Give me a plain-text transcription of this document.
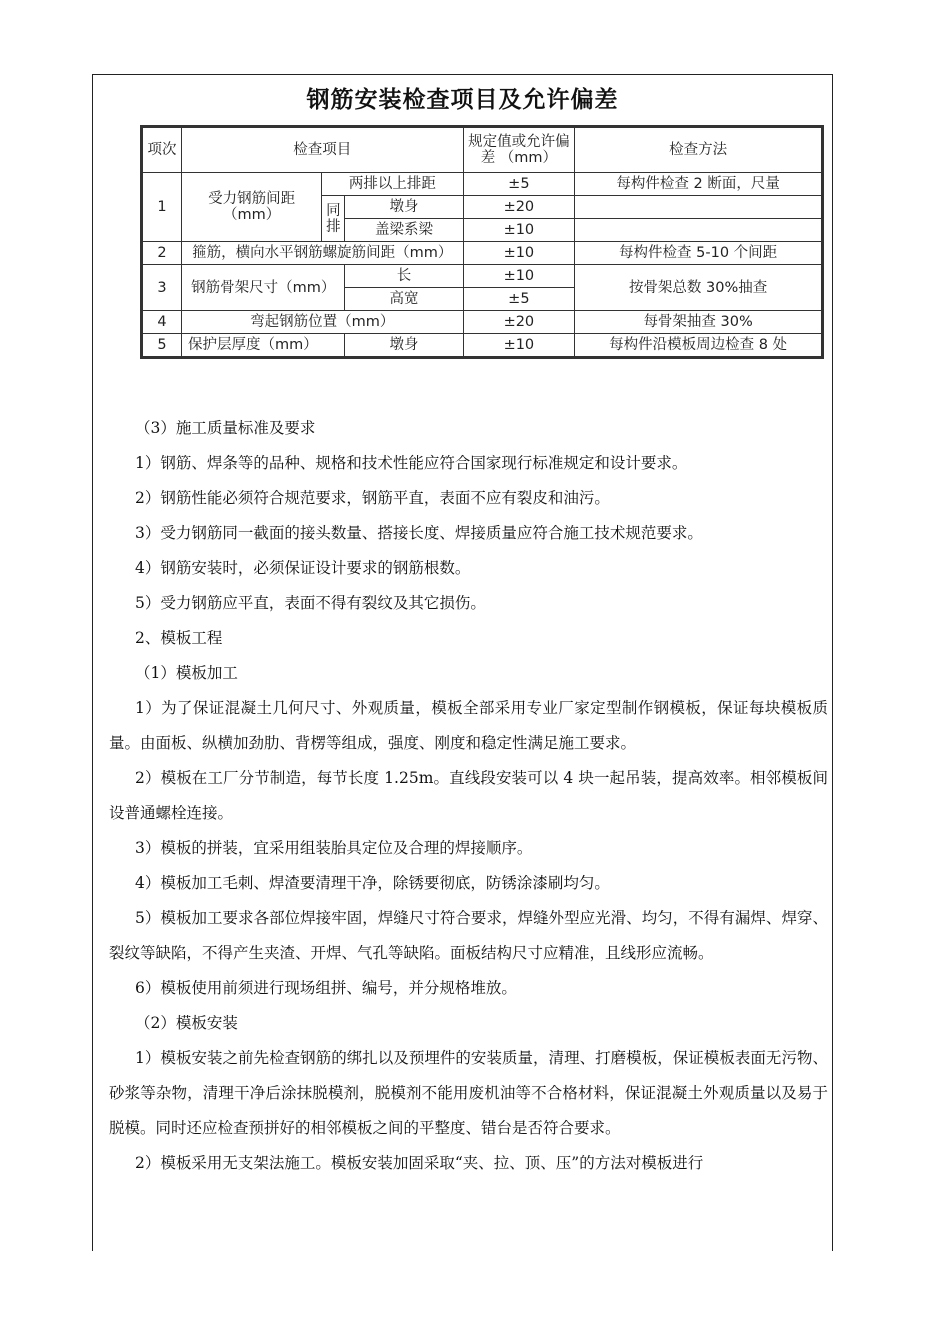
钢筋安装检查项目及允许偏差
项次	检查项目			规定值或允许偏差 （mm）	检查方法
1	受力钢筋间距（mm）	两排以上排距		±5	每构件检查 2 断面，尺量
		同排	墩身	±20	
			盖梁系梁	±10	
2	箍筋，横向水平钢筋螺旋筋间距（mm）			±10	每构件检查 5-10 个间距
3	钢筋骨架尺寸（mm）		长	±10	按骨架总数 30%抽查
			高宽	±5	
4	弯起钢筋位置（mm）			±20	每骨架抽查 30%
5	保护层厚度（mm）		墩身	±10	每构件沿模板周边检查 8 处

（3）施工质量标准及要求

1）钢筋、焊条等的品种、规格和技术性能应符合国家现行标准规定和设计要求。

2）钢筋性能必须符合规范要求，钢筋平直，表面不应有裂皮和油污。

3）受力钢筋同一截面的接头数量、搭接长度、焊接质量应符合施工技术规范要求。

4）钢筋安装时，必须保证设计要求的钢筋根数。

5）受力钢筋应平直，表面不得有裂纹及其它损伤。

2、模板工程

（1）模板加工

1）为了保证混凝土几何尺寸、外观质量，模板全部采用专业厂家定型制作钢模板，保证每块模板质量。由面板、纵横加劲肋、背楞等组成，强度、刚度和稳定性满足施工要求。

2）模板在工厂分节制造，每节长度 1.25m。直线段安装可以 4 块一起吊装，提高效率。相邻模板间设普通螺栓连接。

3）模板的拼装，宜采用组装胎具定位及合理的焊接顺序。

4）模板加工毛刺、焊渣要清理干净，除锈要彻底，防锈涂漆刷均匀。

5）模板加工要求各部位焊接牢固，焊缝尺寸符合要求，焊缝外型应光滑、均匀，不得有漏焊、焊穿、裂纹等缺陷，不得产生夹渣、开焊、气孔等缺陷。面板结构尺寸应精准，且线形应流畅。

6）模板使用前须进行现场组拼、编号，并分规格堆放。

（2）模板安装

1）模板安装之前先检查钢筋的绑扎以及预埋件的安装质量，清理、打磨模板，保证模板表面无污物、砂浆等杂物，清理干净后涂抹脱模剂，脱模剂不能用废机油等不合格材料，保证混凝土外观质量以及易于脱模。同时还应检查预拼好的相邻模板之间的平整度、错台是否符合要求。

2）模板采用无支架法施工。模板安装加固采取“夹、拉、顶、压”的方法对模板进行
